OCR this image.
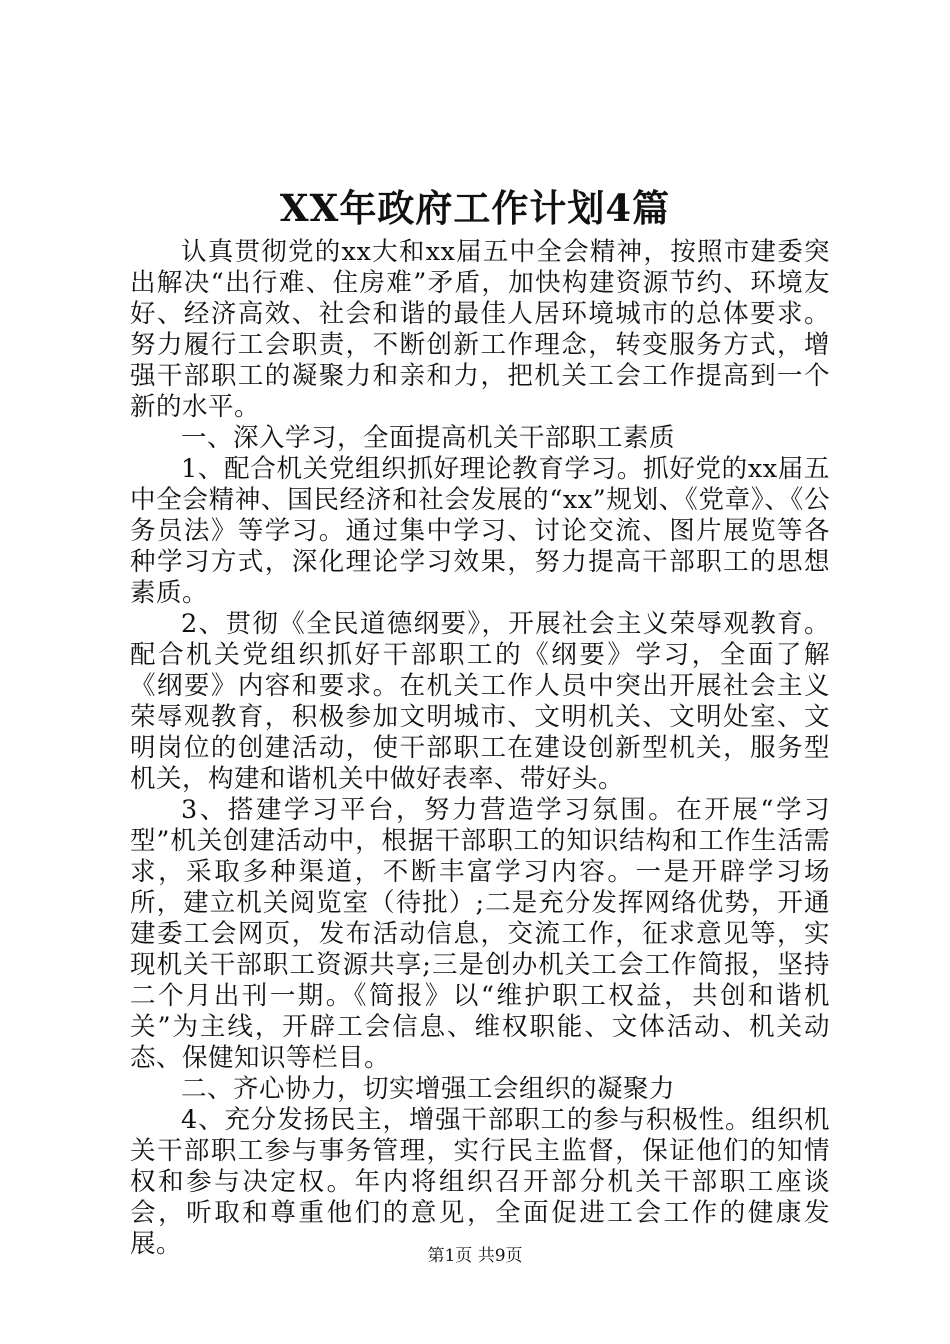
XX年政府工作计划4篇

认真贯彻党的xx大和xx届五中全会精神，按照市建委突出解决“出行难、住房难”矛盾，加快构建资源节约、环境友好、经济高效、社会和谐的最佳人居环境城市的总体要求。努力履行工会职责，不断创新工作理念，转变服务方式，增强干部职工的凝聚力和亲和力，把机关工会工作提高到一个新的水平。

一、深入学习，全面提高机关干部职工素质

1、配合机关党组织抓好理论教育学习。抓好党的xx届五中全会精神、国民经济和社会发展的“xx”规划、《党章》、《公务员法》等学习。通过集中学习、讨论交流、图片展览等各种学习方式，深化理论学习效果，努力提高干部职工的思想素质。

2、贯彻《全民道德纲要》，开展社会主义荣辱观教育。配合机关党组织抓好干部职工的《纲要》学习，全面了解《纲要》内容和要求。在机关工作人员中突出开展社会主义荣辱观教育，积极参加文明城市、文明机关、文明处室、文明岗位的创建活动，使干部职工在建设创新型机关，服务型机关，构建和谐机关中做好表率、带好头。

3、搭建学习平台，努力营造学习氛围。在开展“学习型”机关创建活动中，根据干部职工的知识结构和工作生活需求，采取多种渠道，不断丰富学习内容。一是开辟学习场所，建立机关阅览室（待批）;二是充分发挥网络优势，开通建委工会网页，发布活动信息，交流工作，征求意见等，实现机关干部职工资源共享;三是创办机关工会工作简报，坚持二个月出刊一期。《简报》以“维护职工权益，共创和谐机关”为主线，开辟工会信息、维权职能、文体活动、机关动态、保健知识等栏目。

二、齐心协力，切实增强工会组织的凝聚力

4、充分发扬民主，增强干部职工的参与积极性。组织机关干部职工参与事务管理，实行民主监督，保证他们的知情权和参与决定权。年内将组织召开部分机关干部职工座谈会，听取和尊重他们的意见，全面促进工会工作的健康发展。	第1页 共9页
